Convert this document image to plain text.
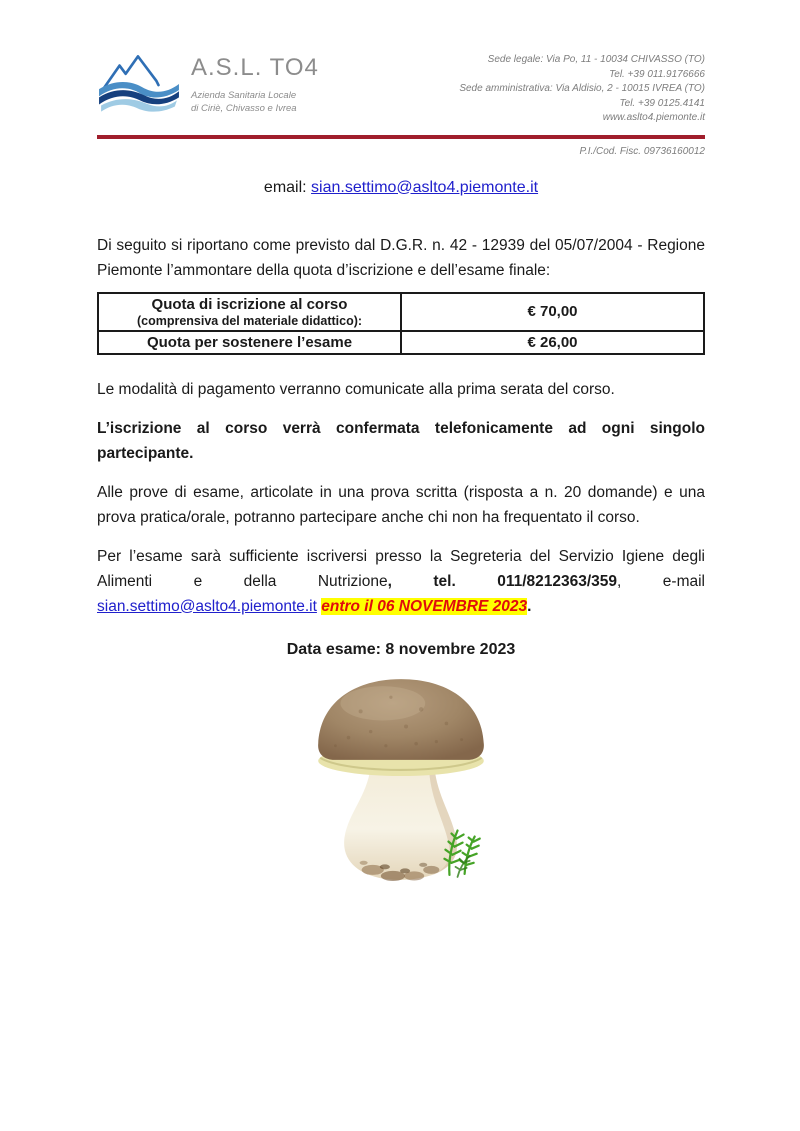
A.S.L. TO4
Azienda Sanitaria Locale
di Ciriè, Chivasso e Ivrea
Sede legale: Via Po, 11 - 10034 CHIVASSO (TO)
Tel. +39 011.9176666
Sede amministrativa: Via Aldisio, 2 - 10015 IVREA (TO)
Tel. +39 0125.4141
www.aslto4.piemonte.it
P.I./Cod. Fisc. 09736160012
email: sian.settimo@aslto4.piemonte.it

Di seguito si riportano come previsto dal D.G.R. n. 42 - 12939 del 05/07/2004 - Regione Piemonte l’ammontare della quota d’iscrizione e dell’esame finale:

Quota di iscrizione al corso
(comprensiva del materiale didattico):	€ 70,00

Quota per sostenere l’esame	€ 26,00

Le modalità di pagamento verranno comunicate alla prima serata del corso.

L’iscrizione al corso verrà confermata telefonicamente ad ogni singolo partecipante.

Alle prove di esame, articolate in una prova scritta (risposta a n. 20 domande) e una prova pratica/orale, potranno partecipare anche chi non ha frequentato il corso.

Per l’esame sarà sufficiente iscriversi presso la Segreteria del Servizio Igiene degli Alimenti e della Nutrizione, tel. 011/8212363/359, e-mail sian.settimo@aslto4.piemonte.it entro il 06 NOVEMBRE 2023.

Data esame: 8 novembre 2023
